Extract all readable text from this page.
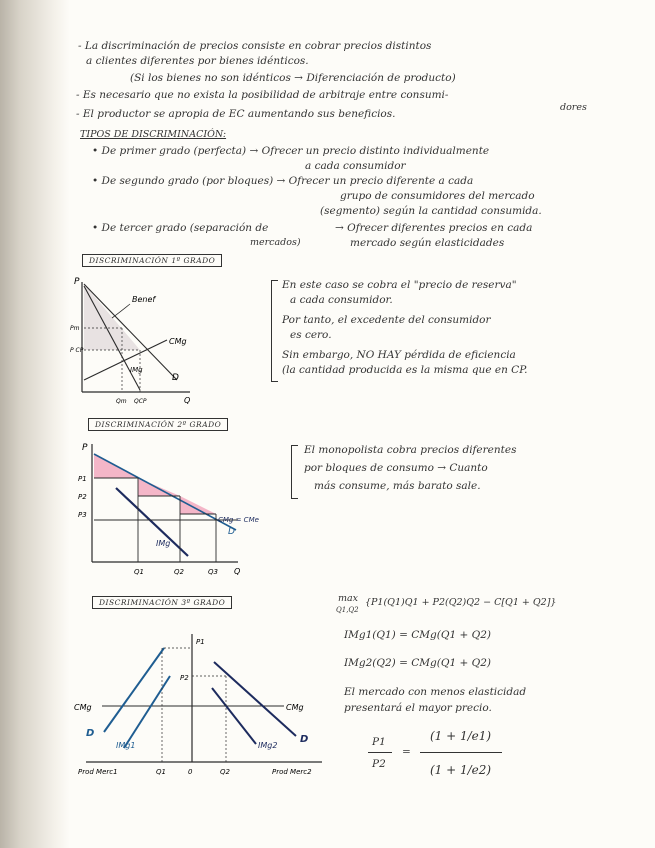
- La discriminación de precios consiste en cobrar precios distintos
a clientes diferentes por bienes idénticos.
(Si los bienes no son idénticos → Diferenciación de producto)
- Es necesario que no exista la posibilidad de arbitraje entre consumi-
dores
- El productor se apropia de EC aumentando sus beneficios.
TIPOS DE DISCRIMINACIÓN:
• De primer grado (perfecta) → Ofrecer un precio distinto individualmente
a cada consumidor
• De segundo grado (por bloques) → Ofrecer un precio diferente a cada
grupo de consumidores del mercado
(segmento) según la cantidad consumida.
• De tercer grado (separación de
mercados)
→ Ofrecer diferentes precios en cada
mercado según elasticidades
DISCRIMINACIÓN 1º GRADO
P
Pm
P CP
Benef
CMg
IMg
D
Qm QCP	Q
En este caso se cobra el "precio de reserva"
a cada consumidor.
Por tanto, el excedente del consumidor
es cero.
Sin embargo, NO HAY pérdida de eficiencia
(la cantidad producida es la misma que en CP.
DISCRIMINACIÓN 2º GRADO
P
P1
P2
P3
CMg = CMe
IMg
D
Q1	Q2	Q3 Q
El monopolista cobra precios diferentes
por bloques de consumo → Cuanto
más consume, más barato sale.
DISCRIMINACIÓN 3º GRADO
P1
P2
CMg	CMg
D
D
IMg1	IMg2
Q1	0	Q2
Prod Merc1	Prod Merc2
max
Q1,Q2
{P1(Q1)Q1 + P2(Q2)Q2 − C[Q1 + Q2]}
IMg1(Q1) = CMg(Q1 + Q2)
IMg2(Q2) = CMg(Q1 + Q2)
El mercado con menos elasticidad
presentará el mayor precio.
P1
P2
=
(1 + 1/e1)
(1 + 1/e2)
